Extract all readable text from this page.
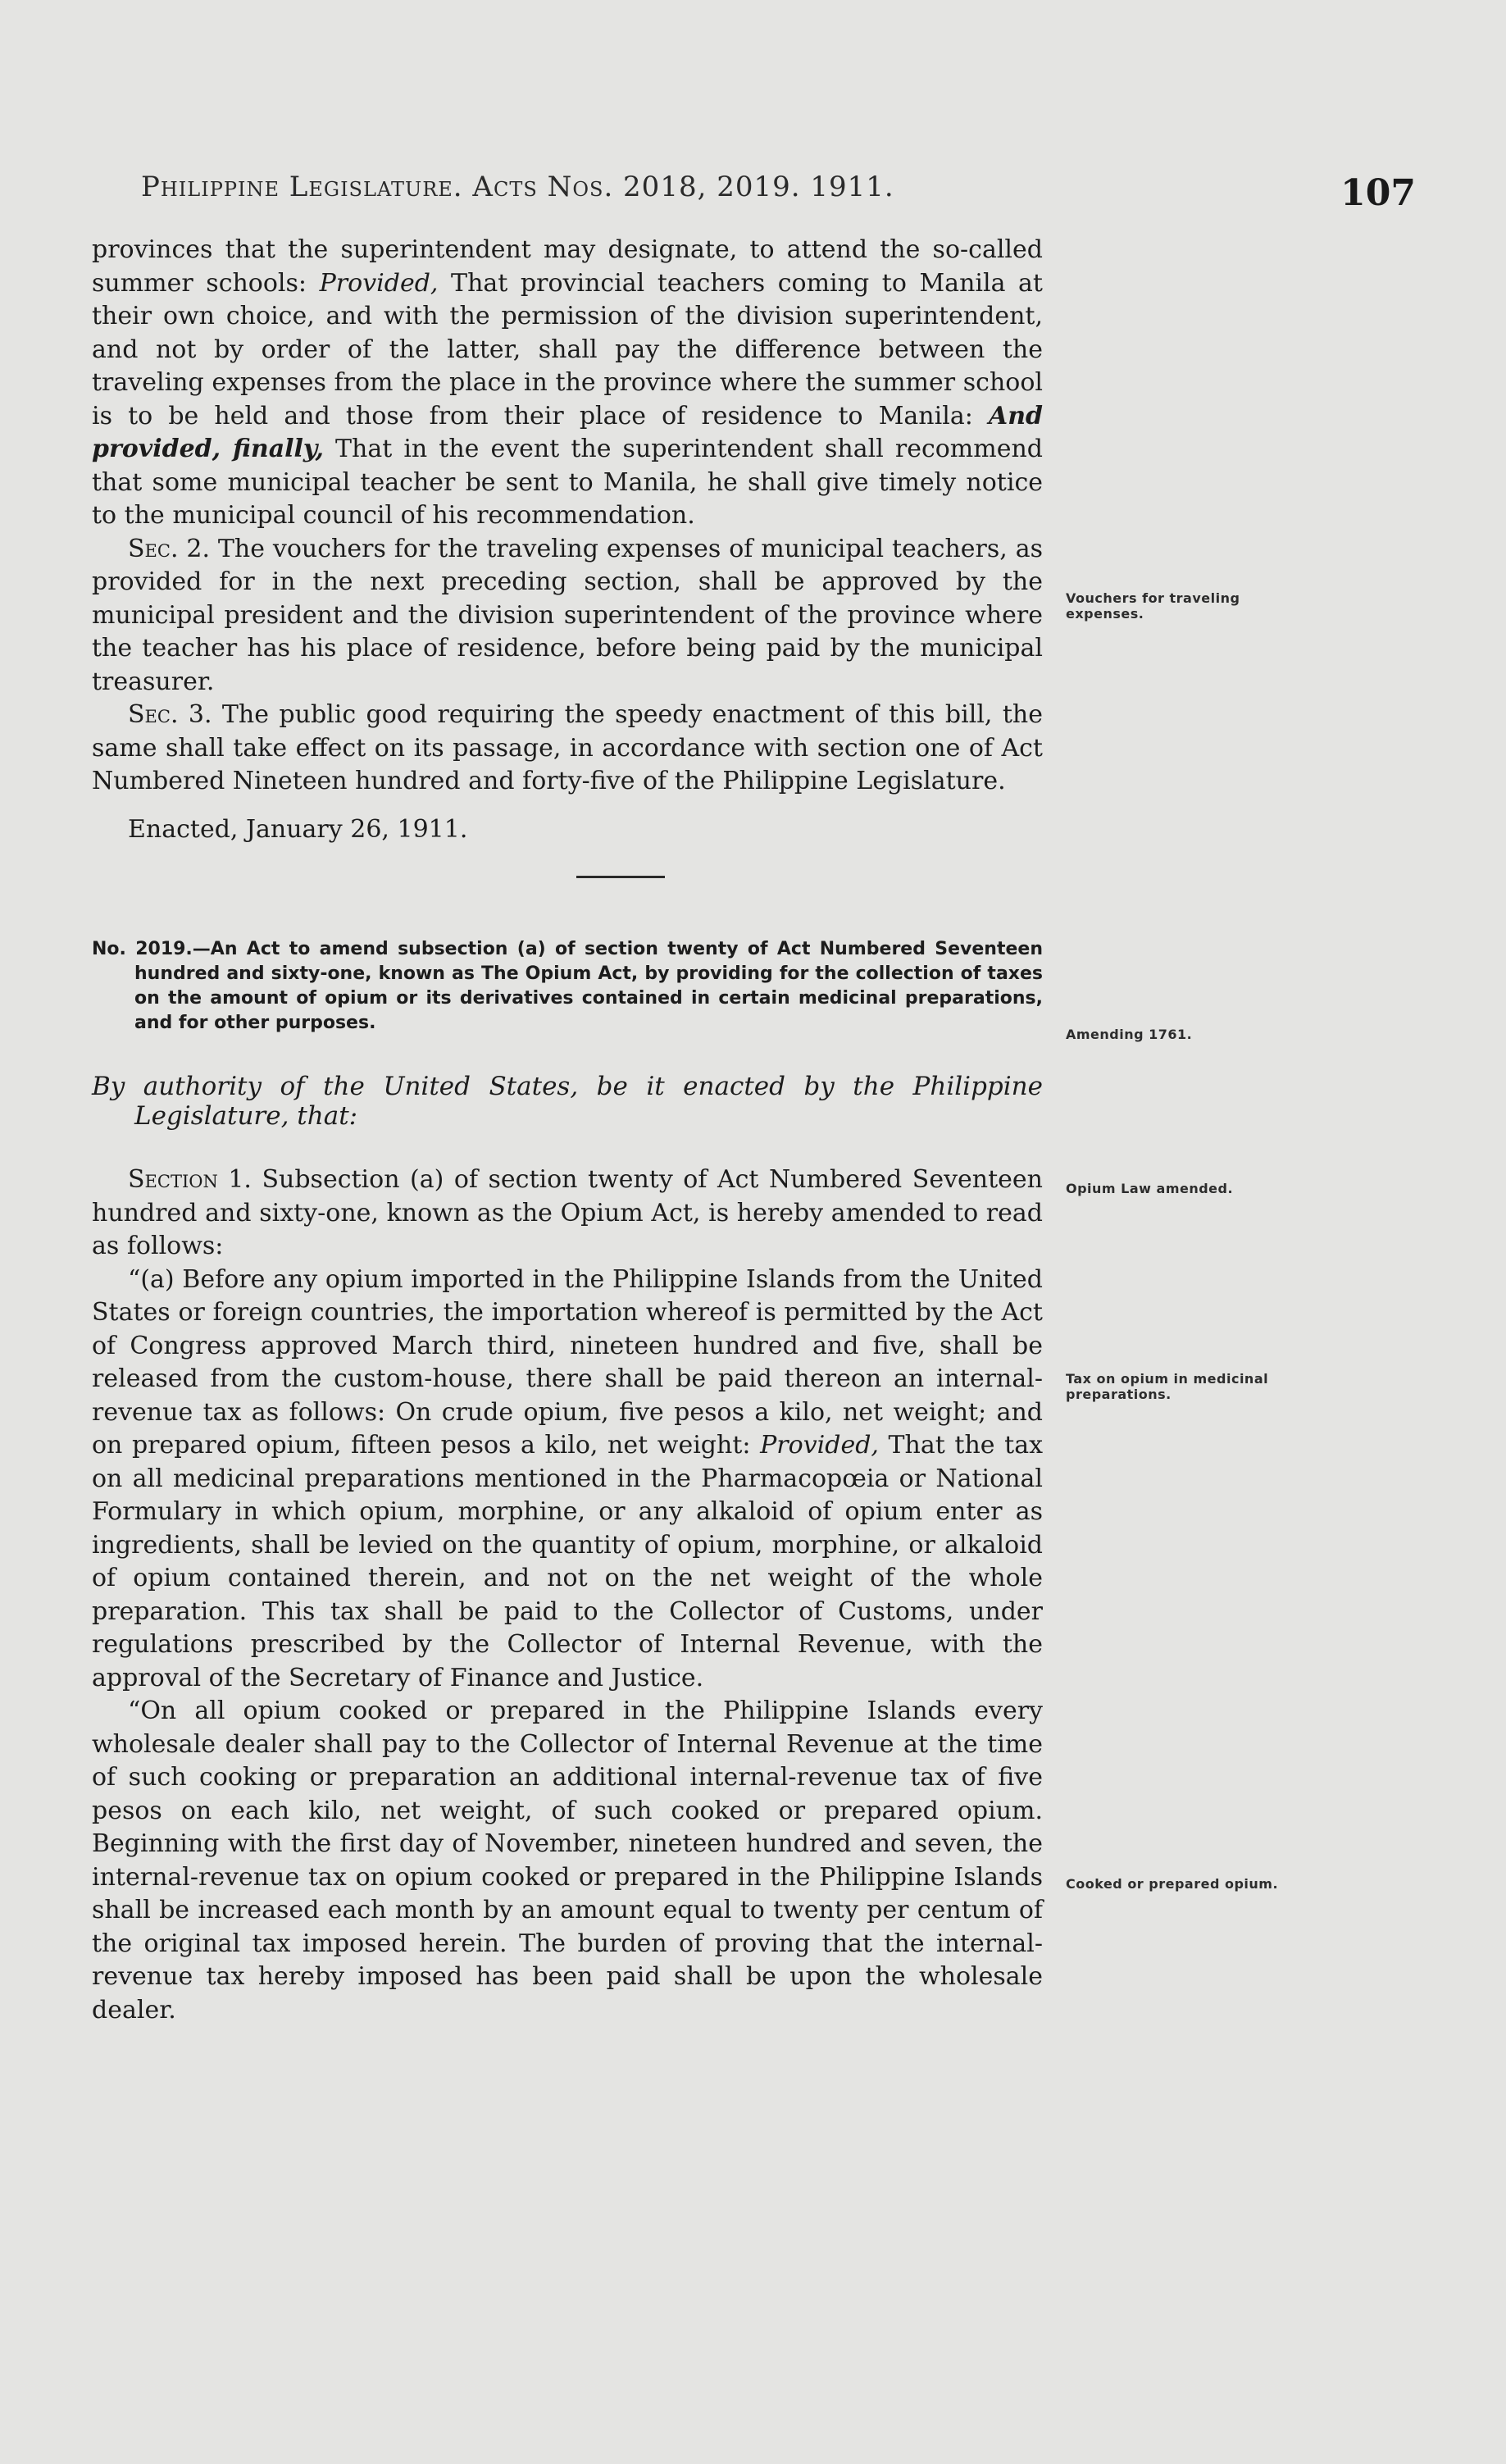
Philippine Legislature. Acts Nos. 2018, 2019. 1911.	107

provinces that the superintendent may designate, to attend the so-called summer schools: Provided, That provincial teachers coming to Manila at their own choice, and with the permission of the division superintendent, and not by order of the latter, shall pay the difference between the traveling expenses from the place in the province where the summer school is to be held and those from their place of residence to Manila: And provided, finally, That in the event the superintendent shall recommend that some municipal teacher be sent to Manila, he shall give timely notice to the municipal council of his recommendation.

Sec. 2. The vouchers for the traveling expenses of municipal teachers, as provided for in the next preceding section, shall be approved by the municipal president and the division superintendent of the province where the teacher has his place of residence, before being paid by the municipal treasurer.

Sec. 3. The public good requiring the speedy enactment of this bill, the same shall take effect on its passage, in accordance with section one of Act Numbered Nineteen hundred and forty-five of the Philippine Legislature.

Enacted, January 26, 1911.

No. 2019.—An Act to amend subsection (a) of section twenty of Act Numbered Seventeen hundred and sixty-one, known as The Opium Act, by providing for the collection of taxes on the amount of opium or its derivatives contained in certain medicinal preparations, and for other purposes.

By authority of the United States, be it enacted by the Philippine Legislature, that:

Section 1. Subsection (a) of section twenty of Act Numbered Seventeen hundred and sixty-one, known as the Opium Act, is hereby amended to read as follows:

“(a) Before any opium imported in the Philippine Islands from the United States or foreign countries, the importation whereof is permitted by the Act of Congress approved March third, nineteen hundred and five, shall be released from the custom-house, there shall be paid thereon an internal-revenue tax as follows: On crude opium, five pesos a kilo, net weight; and on prepared opium, fifteen pesos a kilo, net weight: Provided, That the tax on all medicinal preparations mentioned in the Pharmacopœia or National Formulary in which opium, morphine, or any alkaloid of opium enter as ingredients, shall be levied on the quantity of opium, morphine, or alkaloid of opium contained therein, and not on the net weight of the whole preparation. This tax shall be paid to the Collector of Customs, under regulations prescribed by the Collector of Internal Revenue, with the approval of the Secretary of Finance and Justice.

“On all opium cooked or prepared in the Philippine Islands every wholesale dealer shall pay to the Collector of Internal Revenue at the time of such cooking or preparation an additional internal-revenue tax of five pesos on each kilo, net weight, of such cooked or prepared opium. Beginning with the first day of November, nineteen hundred and seven, the internal-revenue tax on opium cooked or prepared in the Philippine Islands shall be increased each month by an amount equal to twenty per centum of the original tax imposed herein. The burden of proving that the internal-revenue tax hereby imposed has been paid shall be upon the wholesale dealer.

Vouchers for traveling expenses.
Amending 1761.
Opium Law amended.
Tax on opium in medicinal preparations.
Cooked or prepared opium.
